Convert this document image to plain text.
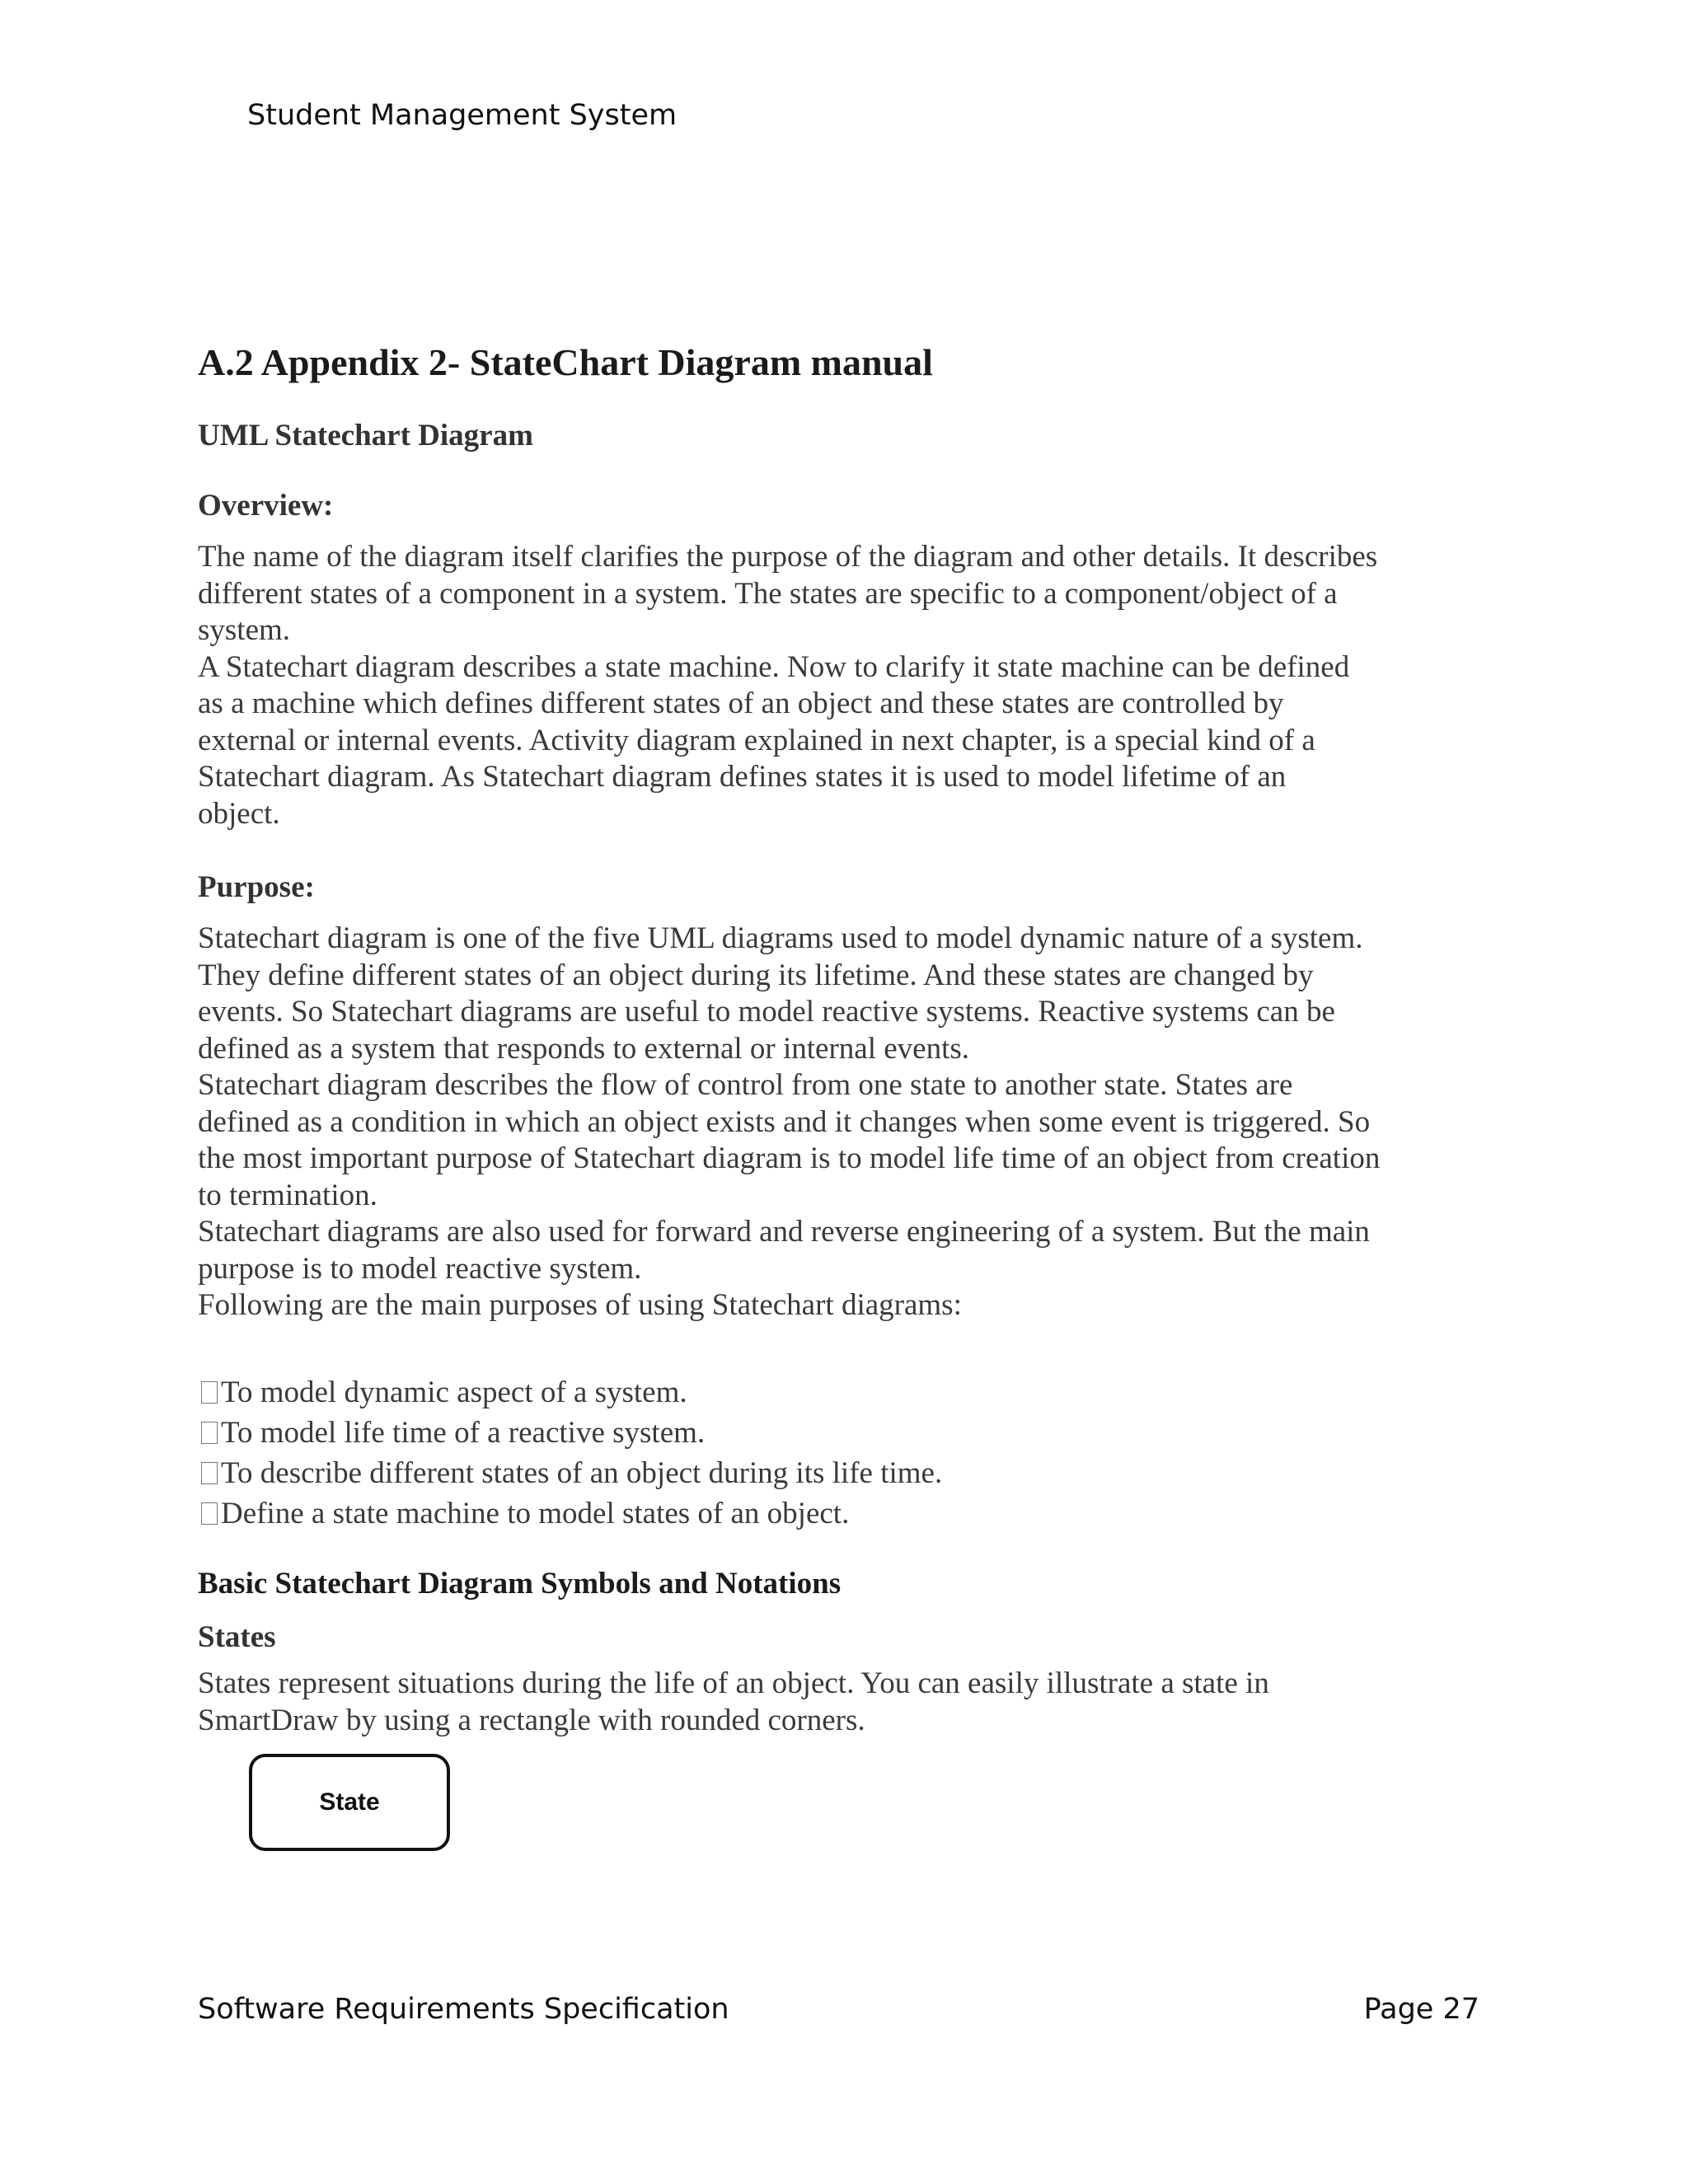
Student Management System

A.2 Appendix 2- StateChart Diagram manual
UML Statechart Diagram
Overview:
The name of the diagram itself clarifies the purpose of the diagram and other details. It describes
different states of a component in a system. The states are specific to a component/object of a
system.
A Statechart diagram describes a state machine. Now to clarify it state machine can be defined
as a machine which defines different states of an object and these states are controlled by
external or internal events. Activity diagram explained in next chapter, is a special kind of a
Statechart diagram. As Statechart diagram defines states it is used to model lifetime of an
object.
Purpose:
Statechart diagram is one of the five UML diagrams used to model dynamic nature of a system.
They define different states of an object during its lifetime. And these states are changed by
events. So Statechart diagrams are useful to model reactive systems. Reactive systems can be
defined as a system that responds to external or internal events.
Statechart diagram describes the flow of control from one state to another state. States are
defined as a condition in which an object exists and it changes when some event is triggered. So
the most important purpose of Statechart diagram is to model life time of an object from creation
to termination.
Statechart diagrams are also used for forward and reverse engineering of a system. But the main
purpose is to model reactive system.
Following are the main purposes of using Statechart diagrams:
To model dynamic aspect of a system.
To model life time of a reactive system.
To describe different states of an object during its life time.
Define a state machine to model states of an object.
Basic Statechart Diagram Symbols and Notations
States
States represent situations during the life of an object. You can easily illustrate a state in
SmartDraw by using a rectangle with rounded corners.
State

Software Requirements Specification	Page 27
